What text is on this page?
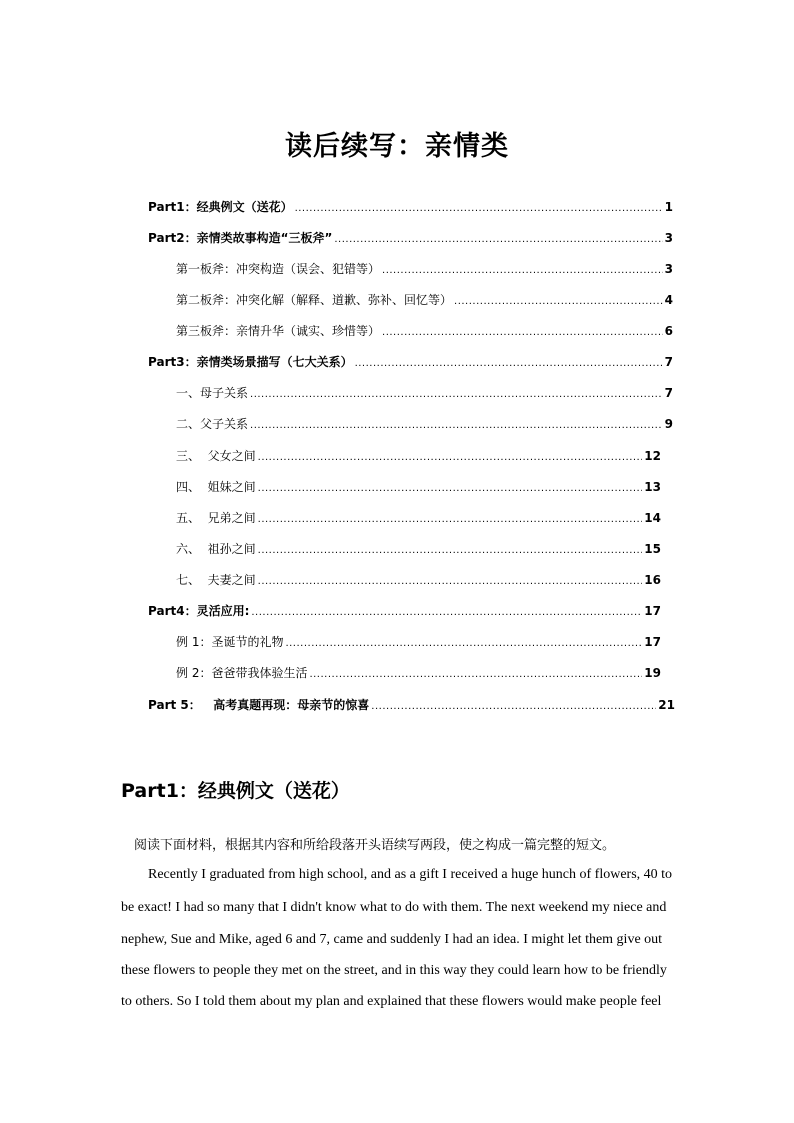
读后续写：亲情类
Part1：经典例文（送花） .....	1
Part2：亲情类故事构造“三板斧” .....	3
第一板斧：冲突构造（误会、犯错等） .....	3
第二板斧：冲突化解（解释、道歉、弥补、回忆等） .....	4
第三板斧：亲情升华（诚实、珍惜等） .....	6
Part3：亲情类场景描写（七大关系） .....	7
一、母子关系 .....	7
二、父子关系 .....	9
三、  父女之间 .....	12
四、  姐妹之间 .....	13
五、  兄弟之间 .....	14
六、  祖孙之间 .....	15
七、  夫妻之间 .....	16
Part4：灵活应用: .....	17
例 1：圣诞节的礼物 .....	17
例 2：爸爸带我体验生活 .....	19
Part 5：   高考真题再现：母亲节的惊喜 .....	21
Part1：经典例文（送花）

阅读下面材料，根据其内容和所给段落开头语续写两段，使之构成一篇完整的短文。

Recently I graduated from high school, and as a gift I received a huge hunch of flowers, 40 to

be exact! I had so many that I didn't know what to do with them. The next weekend my niece and

nephew, Sue and Mike, aged 6 and 7, came and suddenly I had an idea. I might let them give out

these flowers to people they met on the street, and in this way they could learn how to be friendly

to others. So I told them about my plan and explained that these flowers would make people feel
